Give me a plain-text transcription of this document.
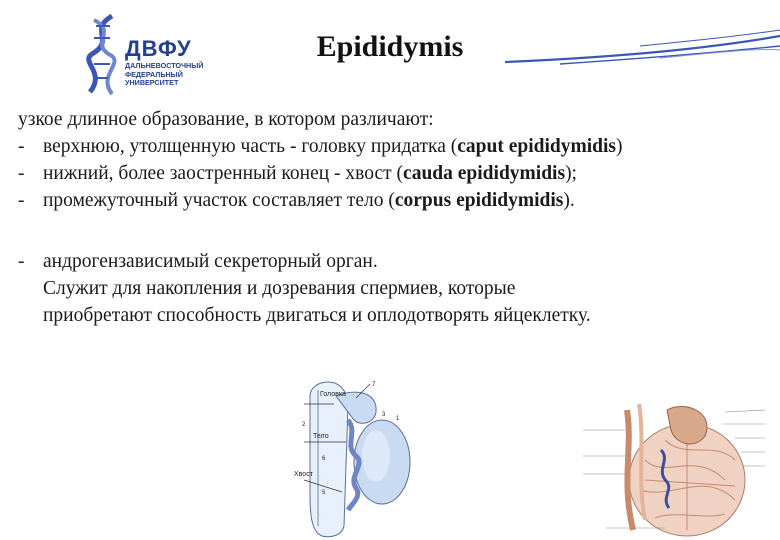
ДВФУ
ДАЛЬНЕВОСТОЧНЫЙ
ФЕДЕРАЛЬНЫЙ
УНИВЕРСИТЕТ
Epididymis
узкое длинное образование, в котором различают:
- верхнюю, утолщенную часть - головку придатка (caput epididymidis)
- нижний, более заостренный конец - хвост (cauda epididymidis);
- промежуточный участок составляет тело (corpus epididymidis).
- андрогензависимый секреторный орган.
Служит для накопления и дозревания спермиев, которые
приобретают способность двигаться и оплодотворять яйцеклетку.
Головка
Тело
Хвост
7
3
2
1
6
5
